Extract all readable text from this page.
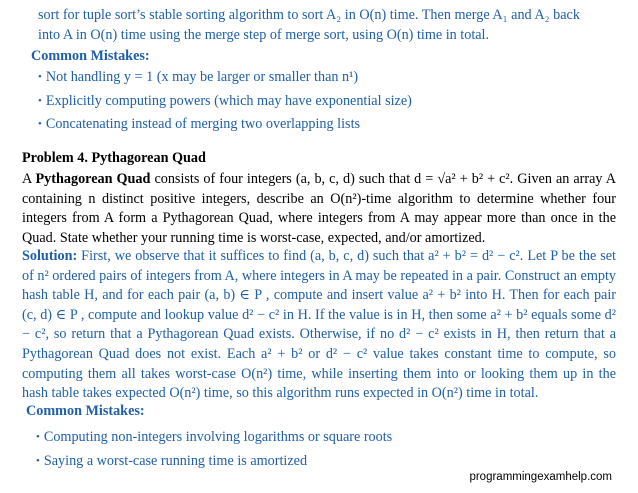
sort for tuple sort’s stable sorting algorithm to sort A₂ in O(n) time. Then merge A₁ and A₂ back

into A in O(n) time using the merge step of merge sort, using O(n) time in total.

Common Mistakes:
• Not handling y = 1 (x may be larger or smaller than n¹)
• Explicitly computing powers (which may have exponential size)
• Concatenating instead of merging two overlapping lists
Problem 4. Pythagorean Quad

A Pythagorean Quad consists of four integers (a, b, c, d) such that d = √a² + b² + c². Given an array A containing n distinct positive integers, describe an O(n²)-time algorithm to determine whether four integers from A form a Pythagorean Quad, where integers from A may appear more than once in the Quad. State whether your running time is worst-case, expected, and/or amortized.

Solution: First, we observe that it suffices to find (a, b, c, d) such that a² + b² = d² − c². Let P be the set of n² ordered pairs of integers from A, where integers in A may be repeated in a pair. Construct an empty hash table H, and for each pair (a, b) ∈ P , compute and insert value a² + b² into H. Then for each pair (c, d) ∈ P , compute and lookup value d² − c² in H. If the value is in H, then some a² + b² equals some d² − c², so return that a Pythagorean Quad exists. Otherwise, if no d² − c² exists in H, then return that a Pythagorean Quad does not exist. Each a² + b² or d² − c² value takes constant time to compute, so computing them all takes worst-case O(n²) time, while inserting them into or looking them up in the hash table takes expected O(n²) time, so this algorithm runs expected in O(n²) time in total.

Common Mistakes:
• Computing non-integers involving logarithms or square roots
• Saying a worst-case running time is amortized
programmingexamhelp.com
